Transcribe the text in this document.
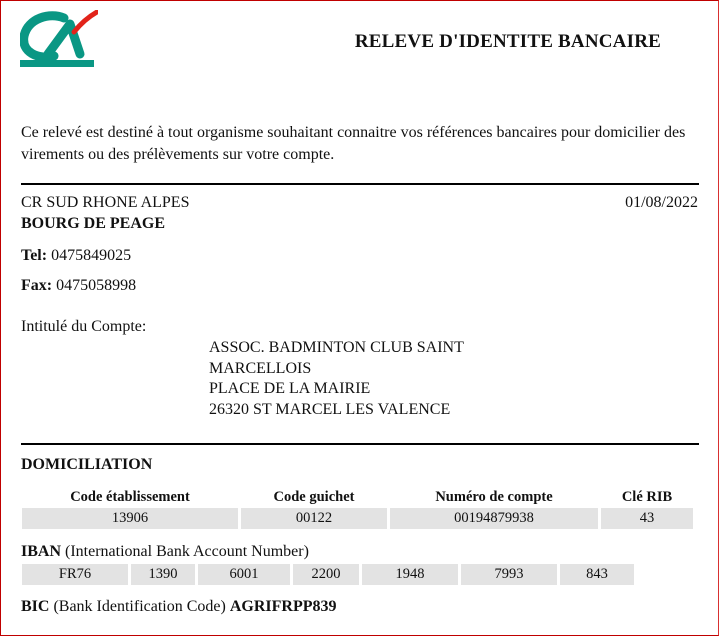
RELEVE D'IDENTITE BANCAIRE
Ce relevé est destiné à tout organisme souhaitant connaitre vos références bancaires pour domicilier des virements ou des prélèvements sur votre compte.
CR SUD RHONE ALPES
BOURG DE PEAGE
01/08/2022
Tel: 0475849025
Fax: 0475058998
Intitulé du Compte:
ASSOC. BADMINTON CLUB SAINT
MARCELLOIS
PLACE DE LA MAIRIE
26320 ST MARCEL LES VALENCE
DOMICILIATION
Code établissement	Code guichet	Numéro de compte	Clé RIB
13906	00122	00194879938	43
IBAN (International Bank Account Number)
FR76	1390	6001	2200	1948	7993	843
BIC (Bank Identification Code) AGRIFRPP839
